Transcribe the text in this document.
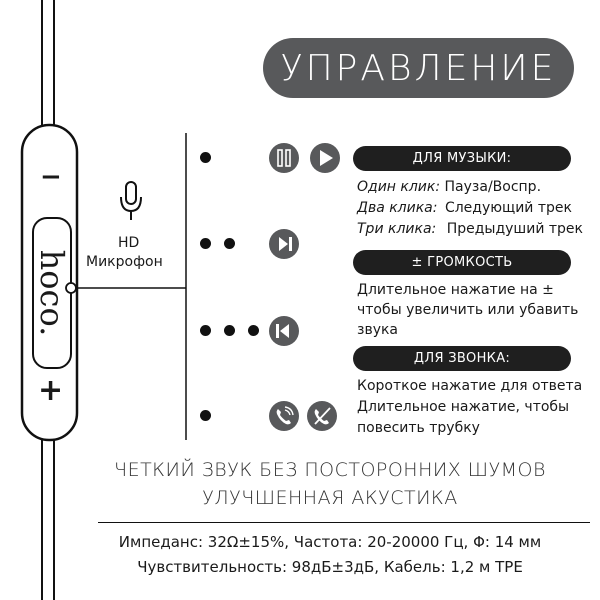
−
hoco.
+
HD
Микрофон
УПРАВЛЕНИЕ
ДЛЯ МУЗЫКИ:
Один клик: Пауза/Воспр.
Два клика: Следующий трек
Три клика: Предыдуший трек
± ГРОМКОСТЬ
Длительное нажатие на ±
чтобы увеличить или убавить
звука
ДЛЯ ЗВОНКА:
Короткое нажатие для ответа
Длительное нажатие, чтобы
повесить трубку
ЧЕТКИЙ ЗВУК БЕЗ ПОСТОРОННИХ ШУМОВ
УЛУЧШЕННАЯ АКУСТИКА
Импеданс: 32Ω±15%, Частота: 20-20000 Гц, Φ: 14 мм
Чувствительность: 98дБ±3дБ, Кабель: 1,2 м TPE
